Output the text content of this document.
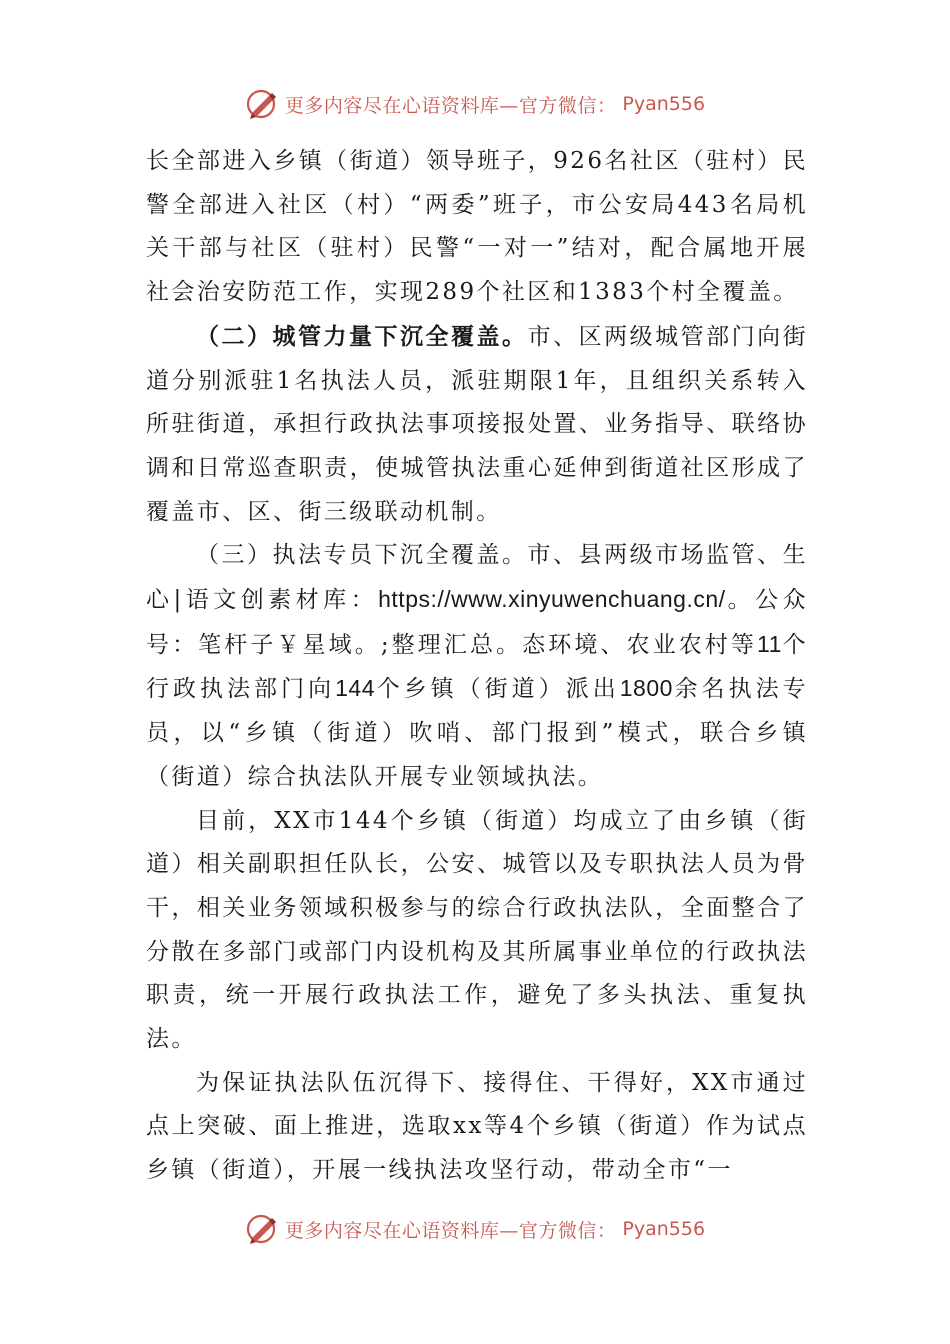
更多内容尽在心语资料库—官方微信： Pyan556

长全部进入乡镇（街道）领导班子，926名社区（驻村）民警全部进入社区（村）“两委”班子，市公安局443名局机关干部与社区（驻村）民警“一对一”结对，配合属地开展社会治安防范工作，实现289个社区和1383个村全覆盖。

（二）城管力量下沉全覆盖。市、区两级城管部门向街道分别派驻1名执法人员，派驻期限1年，且组织关系转入所驻街道，承担行政执法事项接报处置、业务指导、联络协调和日常巡查职责，使城管执法重心延伸到街道社区形成了覆盖市、区、街三级联动机制。

（三）执法专员下沉全覆盖。市、县两级市场监管、生心|语文创素材库：https://www.xinyuwenchuang.cn/。公众号：笔杆子￥星域。;整理汇总。态环境、农业农村等11个行政执法部门向144个乡镇（街道）派出1800余名执法专员，以“乡镇（街道）吹哨、部门报到”模式，联合乡镇（街道）综合执法队开展专业领域执法。

目前，XX市144个乡镇（街道）均成立了由乡镇（街道）相关副职担任队长，公安、城管以及专职执法人员为骨干，相关业务领域积极参与的综合行政执法队，全面整合了分散在多部门或部门内设机构及其所属事业单位的行政执法职责，统一开展行政执法工作，避免了多头执法、重复执法。

为保证执法队伍沉得下、接得住、干得好，XX市通过点上突破、面上推进，选取xx等4个乡镇（街道）作为试点乡镇（街道），开展一线执法攻坚行动，带动全市“一

更多内容尽在心语资料库—官方微信： Pyan556
